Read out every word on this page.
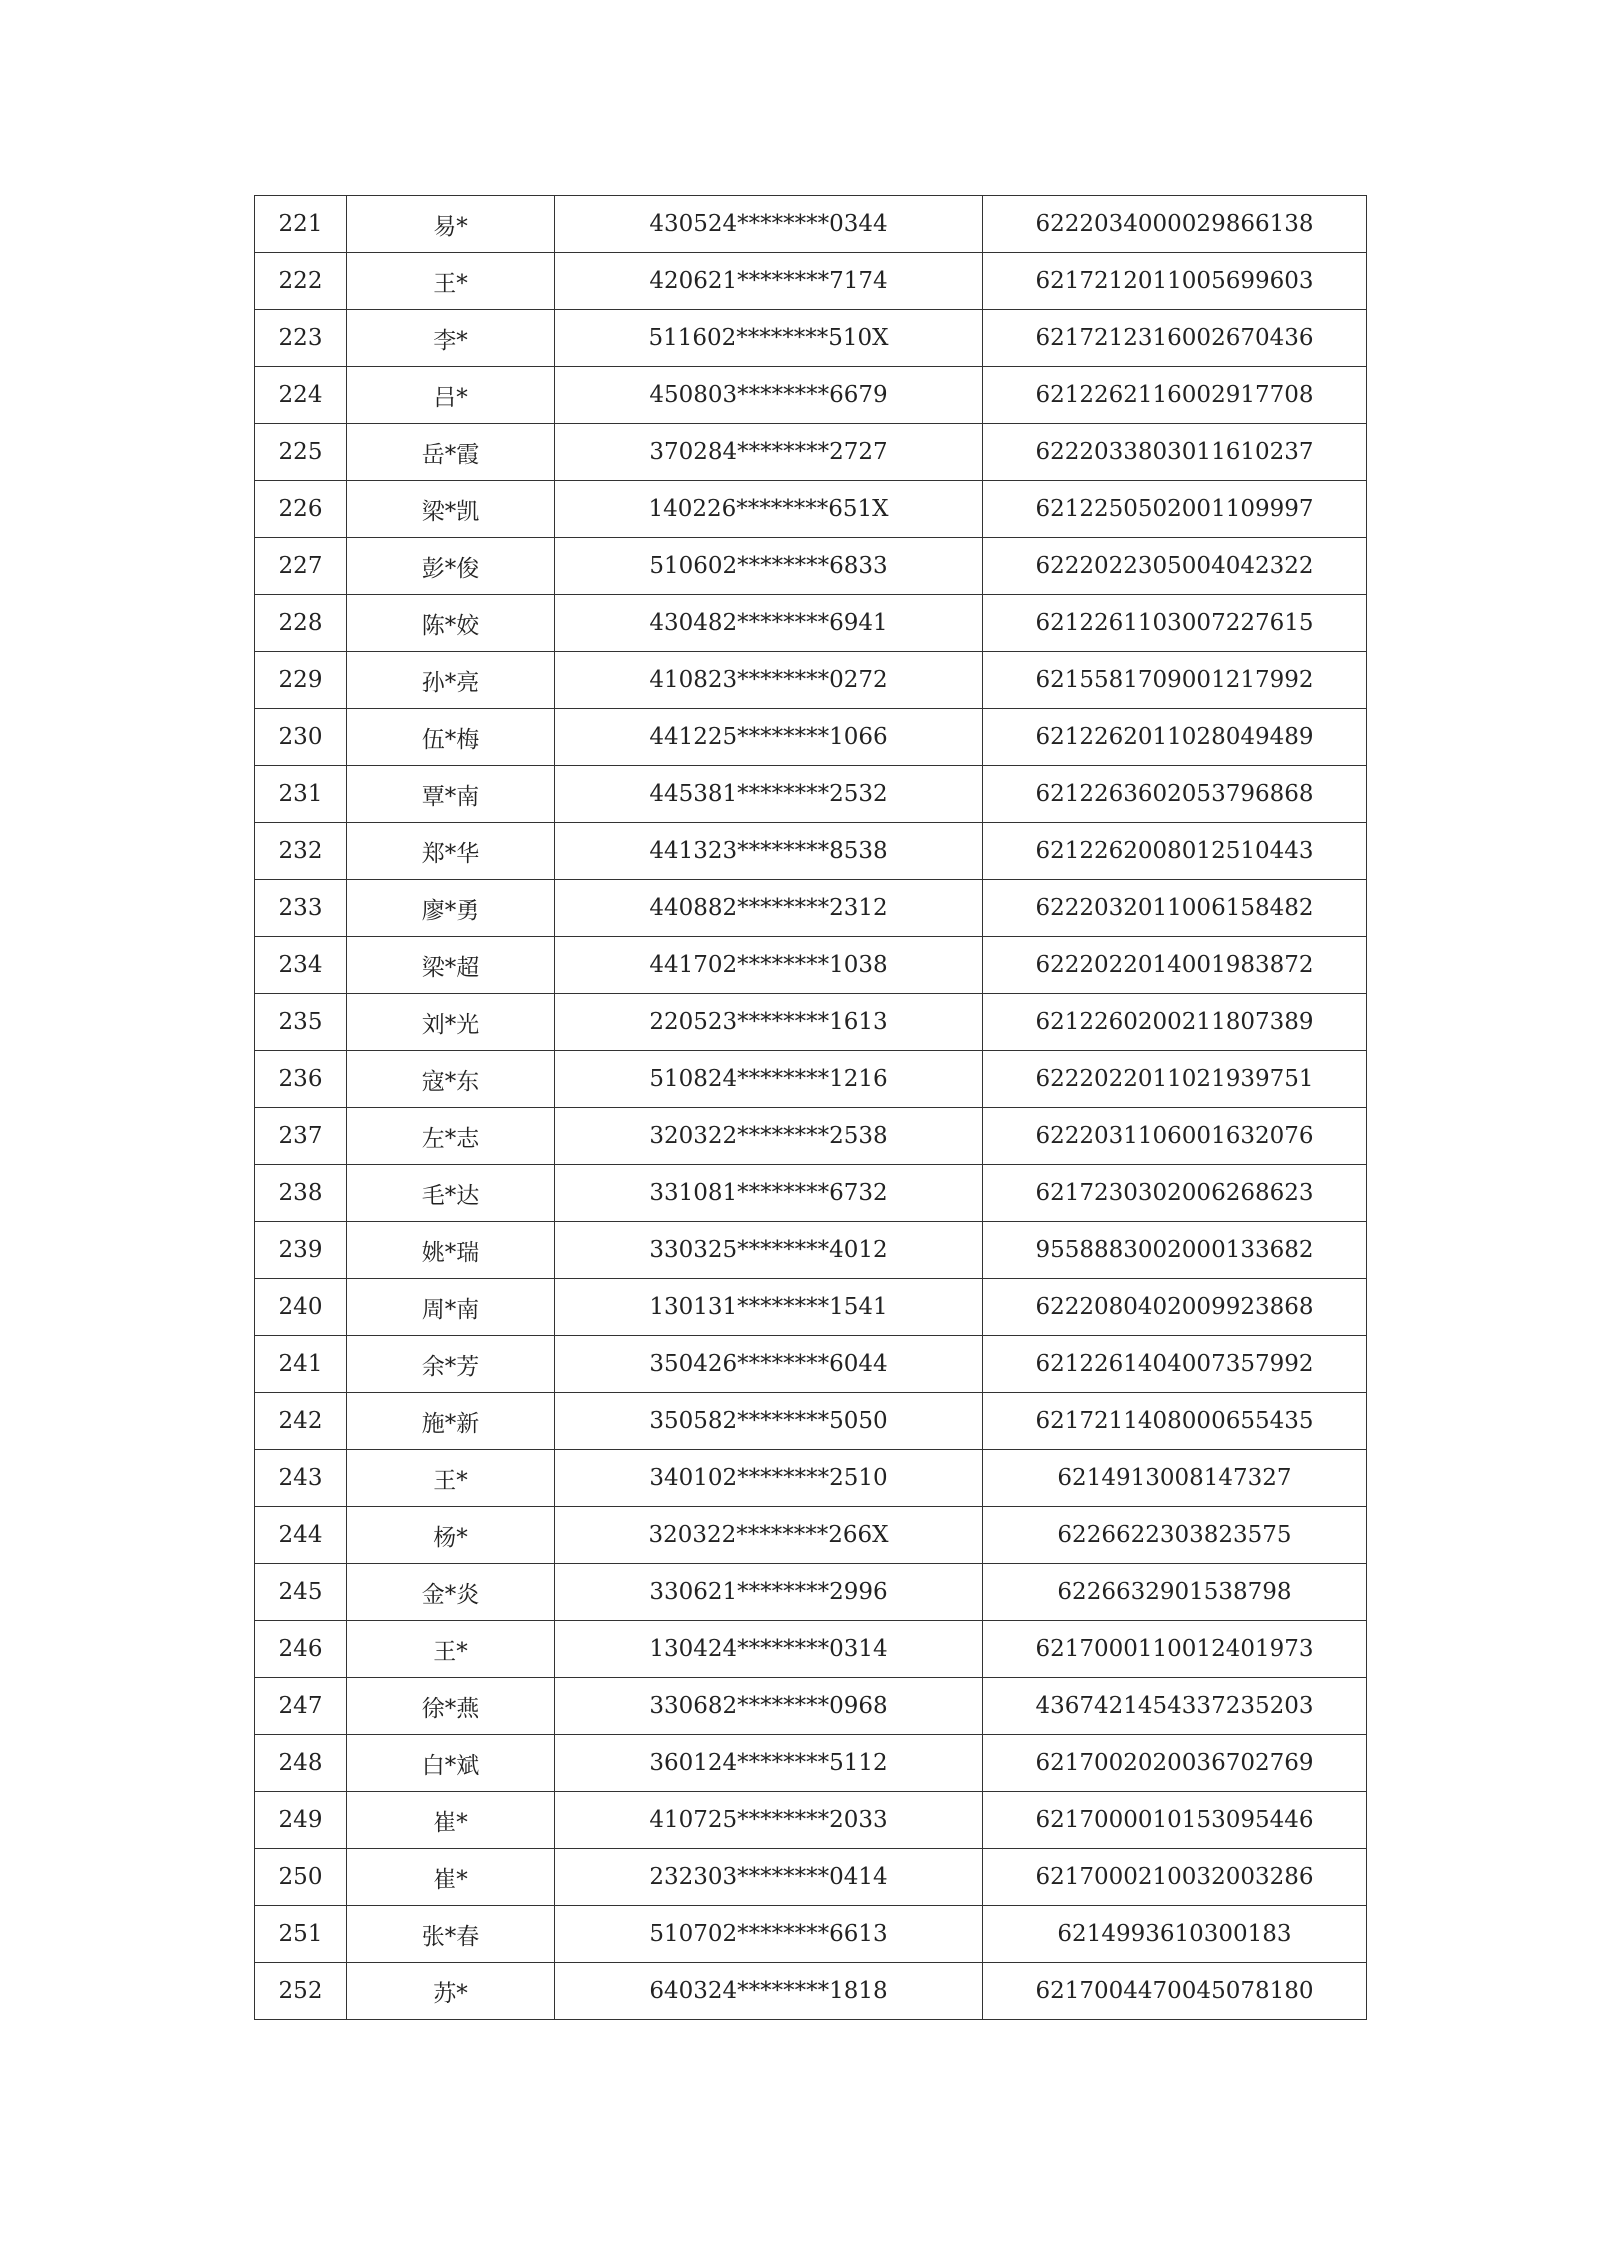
221	易*	430524********0344	6222034000029866138
222	王*	420621********7174	6217212011005699603
223	李*	511602********510X	6217212316002670436
224	吕*	450803********6679	6212262116002917708
225	岳*霞	370284********2727	6222033803011610237
226	梁*凯	140226********651X	6212250502001109997
227	彭*俊	510602********6833	6222022305004042322
228	陈*姣	430482********6941	6212261103007227615
229	孙*亮	410823********0272	6215581709001217992
230	伍*梅	441225********1066	6212262011028049489
231	覃*南	445381********2532	6212263602053796868
232	郑*华	441323********8538	6212262008012510443
233	廖*勇	440882********2312	6222032011006158482
234	梁*超	441702********1038	6222022014001983872
235	刘*光	220523********1613	6212260200211807389
236	寇*东	510824********1216	6222022011021939751
237	左*志	320322********2538	6222031106001632076
238	毛*达	331081********6732	6217230302006268623
239	姚*瑞	330325********4012	9558883002000133682
240	周*南	130131********1541	6222080402009923868
241	余*芳	350426********6044	6212261404007357992
242	施*新	350582********5050	6217211408000655435
243	王*	340102********2510	6214913008147327
244	杨*	320322********266X	6226622303823575
245	金*炎	330621********2996	6226632901538798
246	王*	130424********0314	6217000110012401973
247	徐*燕	330682********0968	4367421454337235203
248	白*斌	360124********5112	6217002020036702769
249	崔*	410725********2033	6217000010153095446
250	崔*	232303********0414	6217000210032003286
251	张*春	510702********6613	6214993610300183
252	苏*	640324********1818	6217004470045078180
